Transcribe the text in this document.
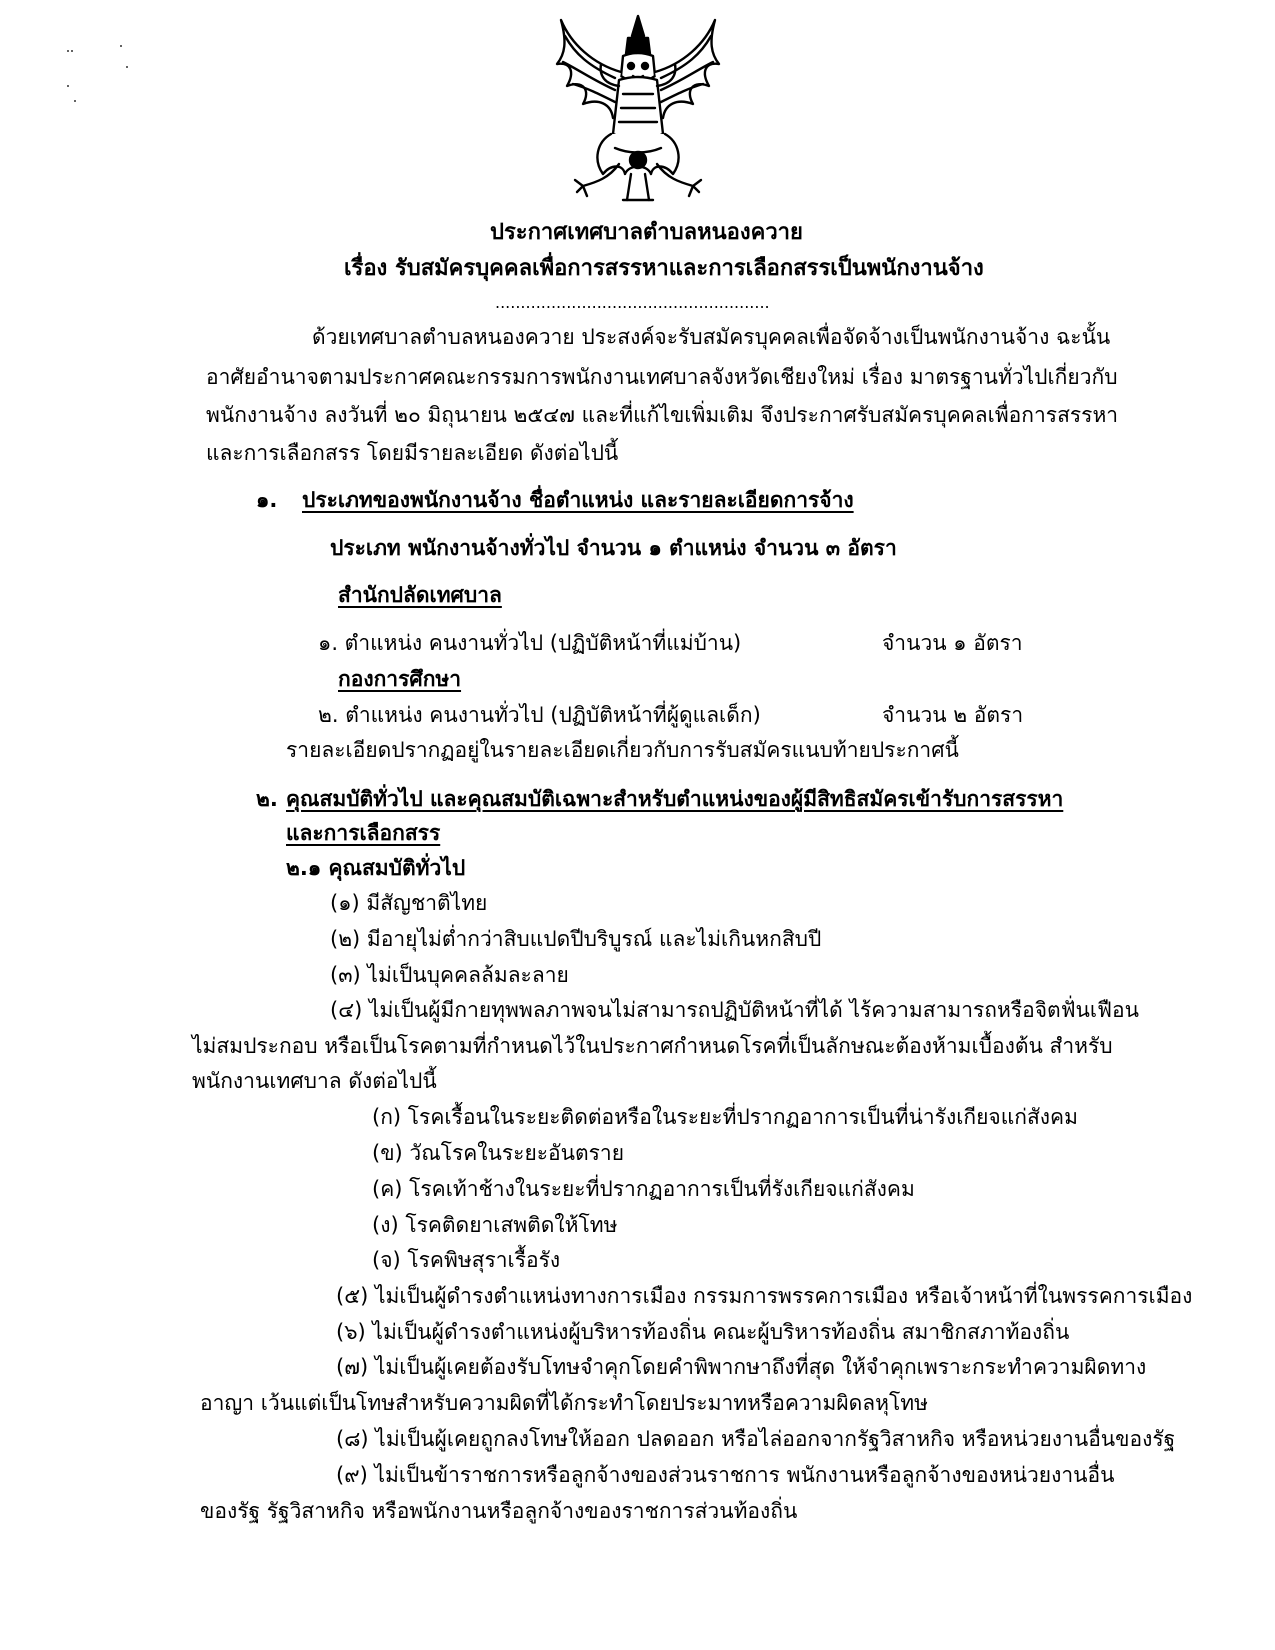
ประกาศเทศบาลตำบลหนองควาย
เรื่อง รับสมัครบุคคลเพื่อการสรรหาและการเลือกสรรเป็นพนักงานจ้าง
......................................................
ด้วยเทศบาลตำบลหนองควาย ประสงค์จะรับสมัครบุคคลเพื่อจัดจ้างเป็นพนักงานจ้าง ฉะนั้น
อาศัยอำนาจตามประกาศคณะกรรมการพนักงานเทศบาลจังหวัดเชียงใหม่ เรื่อง มาตรฐานทั่วไปเกี่ยวกับ
พนักงานจ้าง ลงวันที่ ๒๐ มิถุนายน ๒๕๔๗ และที่แก้ไขเพิ่มเติม จึงประกาศรับสมัครบุคคลเพื่อการสรรหา
และการเลือกสรร โดยมีรายละเอียด ดังต่อไปนี้
๑. ประเภทของพนักงานจ้าง ชื่อตำแหน่ง และรายละเอียดการจ้าง
ประเภท พนักงานจ้างทั่วไป จำนวน ๑ ตำแหน่ง จำนวน ๓ อัตรา
สำนักปลัดเทศบาล
๑. ตำแหน่ง คนงานทั่วไป (ปฏิบัติหน้าที่แม่บ้าน)	จำนวน ๑ อัตรา
กองการศึกษา
๒. ตำแหน่ง คนงานทั่วไป (ปฏิบัติหน้าที่ผู้ดูแลเด็ก)	จำนวน ๒ อัตรา
รายละเอียดปรากฏอยู่ในรายละเอียดเกี่ยวกับการรับสมัครแนบท้ายประกาศนี้
๒. คุณสมบัติทั่วไป และคุณสมบัติเฉพาะสำหรับตำแหน่งของผู้มีสิทธิสมัครเข้ารับการสรรหา
และการเลือกสรร
๒.๑ คุณสมบัติทั่วไป
(๑) มีสัญชาติไทย
(๒) มีอายุไม่ต่ำกว่าสิบแปดปีบริบูรณ์ และไม่เกินหกสิบปี
(๓) ไม่เป็นบุคคลล้มละลาย
(๔) ไม่เป็นผู้มีกายทุพพลภาพจนไม่สามารถปฏิบัติหน้าที่ได้ ไร้ความสามารถหรือจิตฟั่นเฟือน
ไม่สมประกอบ หรือเป็นโรคตามที่กำหนดไว้ในประกาศกำหนดโรคที่เป็นลักษณะต้องห้ามเบื้องต้น สำหรับ
พนักงานเทศบาล ดังต่อไปนี้
(ก) โรคเรื้อนในระยะติดต่อหรือในระยะที่ปรากฏอาการเป็นที่น่ารังเกียจแก่สังคม
(ข) วัณโรคในระยะอันตราย
(ค) โรคเท้าช้างในระยะที่ปรากฏอาการเป็นที่รังเกียจแก่สังคม
(ง) โรคติดยาเสพติดให้โทษ
(จ) โรคพิษสุราเรื้อรัง
(๕) ไม่เป็นผู้ดำรงตำแหน่งทางการเมือง กรรมการพรรคการเมือง หรือเจ้าหน้าที่ในพรรคการเมือง
(๖) ไม่เป็นผู้ดำรงตำแหน่งผู้บริหารท้องถิ่น คณะผู้บริหารท้องถิ่น สมาชิกสภาท้องถิ่น
(๗) ไม่เป็นผู้เคยต้องรับโทษจำคุกโดยคำพิพากษาถึงที่สุด ให้จำคุกเพราะกระทำความผิดทาง
อาญา เว้นแต่เป็นโทษสำหรับความผิดที่ได้กระทำโดยประมาทหรือความผิดลหุโทษ
(๘) ไม่เป็นผู้เคยถูกลงโทษให้ออก ปลดออก หรือไล่ออกจากรัฐวิสาหกิจ หรือหน่วยงานอื่นของรัฐ
(๙) ไม่เป็นข้าราชการหรือลูกจ้างของส่วนราชการ พนักงานหรือลูกจ้างของหน่วยงานอื่น
ของรัฐ รัฐวิสาหกิจ หรือพนักงานหรือลูกจ้างของราชการส่วนท้องถิ่น
